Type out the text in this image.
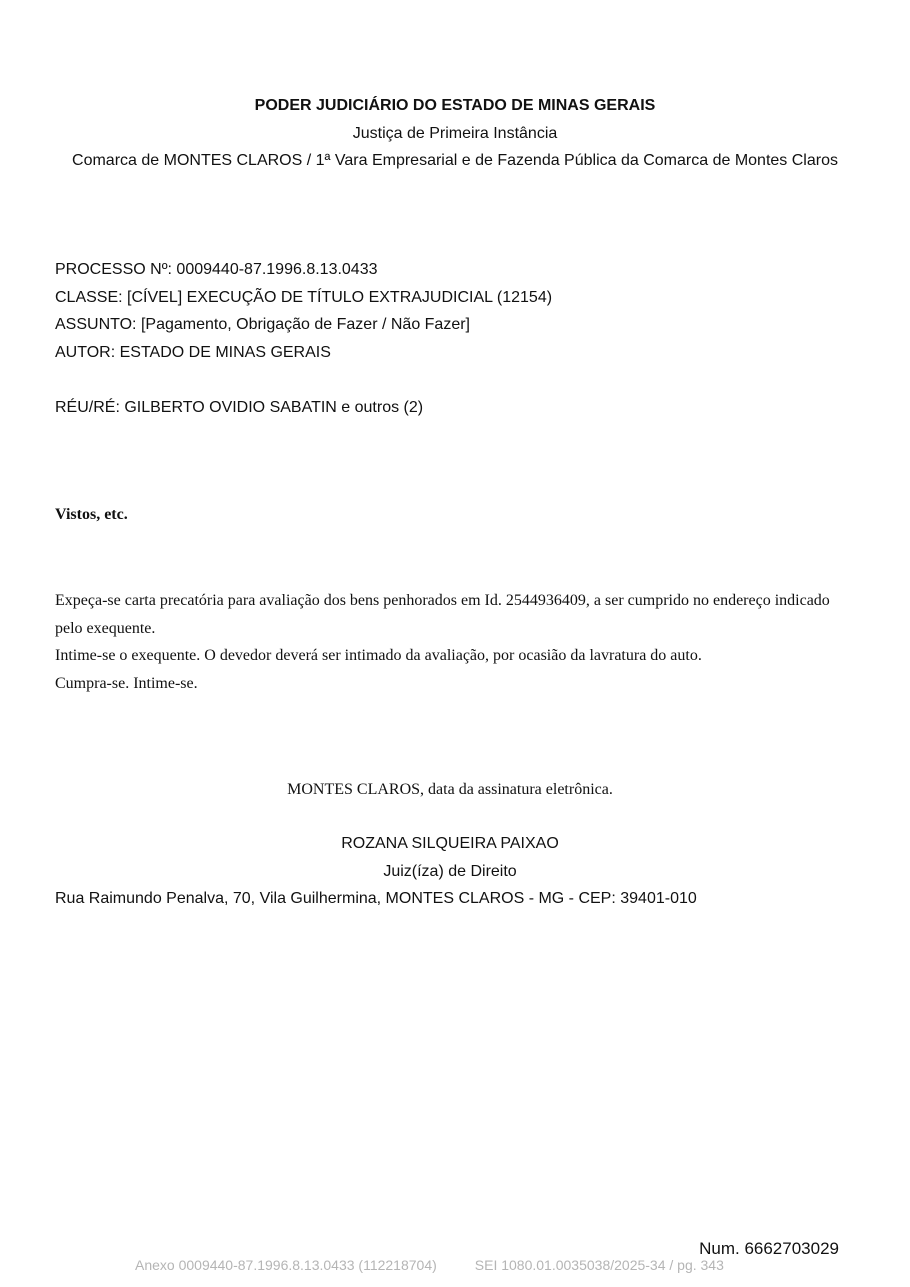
PODER JUDICIÁRIO DO ESTADO DE MINAS GERAIS
Justiça de Primeira Instância
Comarca de MONTES CLAROS / 1ª Vara Empresarial e de Fazenda Pública da Comarca de Montes Claros
PROCESSO Nº: 0009440-87.1996.8.13.0433
CLASSE: [CÍVEL] EXECUÇÃO DE TÍTULO EXTRAJUDICIAL (12154)
ASSUNTO: [Pagamento, Obrigação de Fazer / Não Fazer]
AUTOR: ESTADO DE MINAS GERAIS
RÉU/RÉ: GILBERTO OVIDIO SABATIN e outros (2)
Vistos, etc.

Expeça-se carta precatória para avaliação dos bens penhorados em Id. 2544936409, a ser cumprido no endereço indicado pelo exequente.

Intime-se o exequente. O devedor deverá ser intimado da avaliação, por ocasião da lavratura do auto.

Cumpra-se. Intime-se.

MONTES CLAROS, data da assinatura eletrônica.
ROZANA SILQUEIRA PAIXAO
Juiz(íza) de Direito
Rua Raimundo Penalva, 70, Vila Guilhermina, MONTES CLAROS - MG - CEP: 39401-010
Num. 6662703029
Anexo 0009440-87.1996.8.13.0433 (112218704)	SEI 1080.01.0035038/2025-34 / pg. 343
